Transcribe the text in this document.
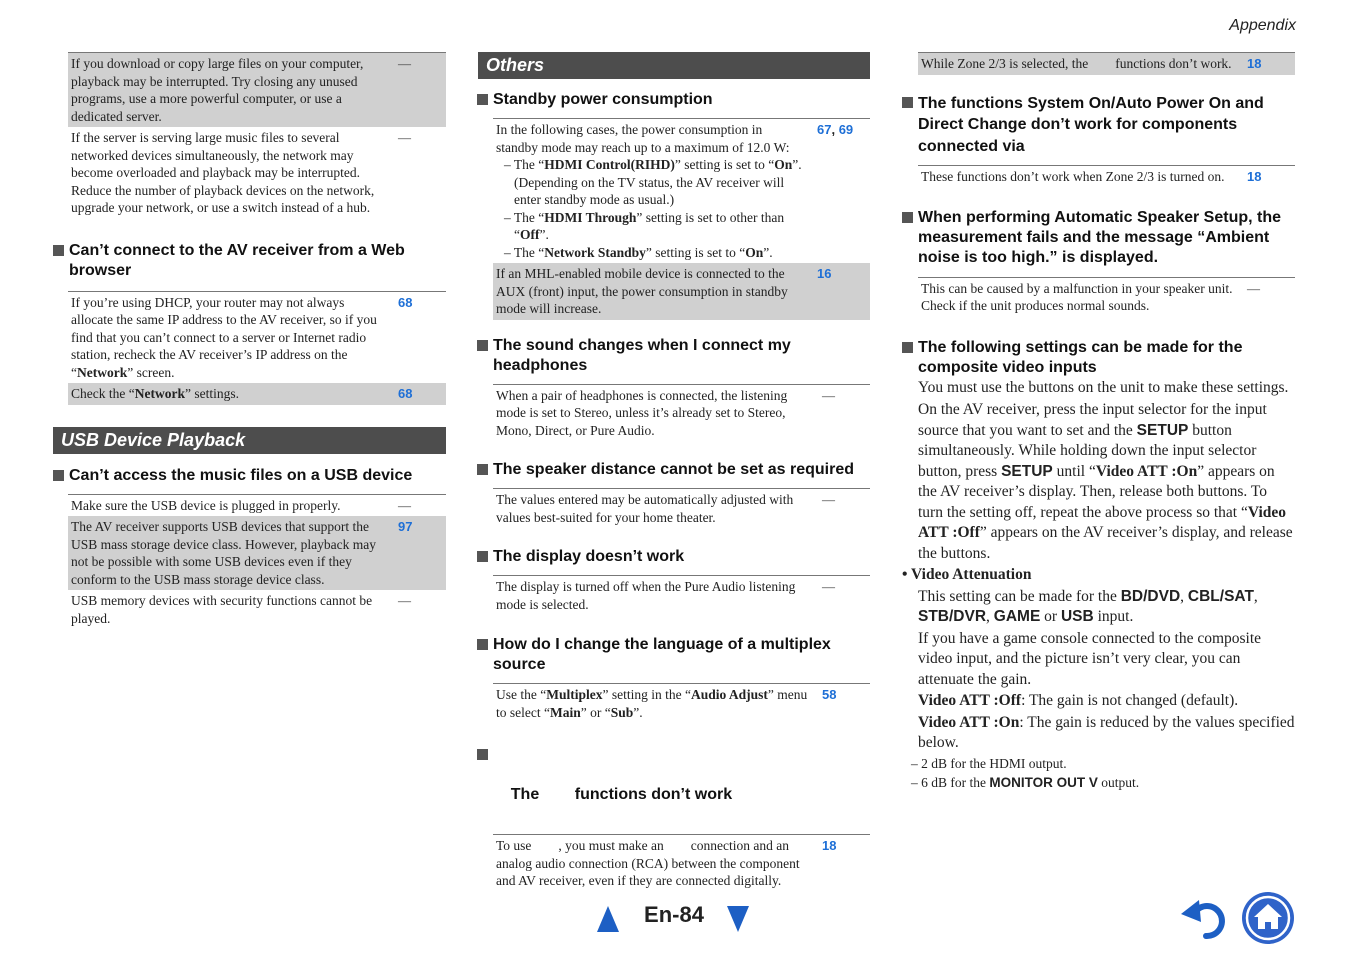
Appendix
If you download or copy large files on your computer, playback may be interrupted. Try closing any unused programs, use a more powerful computer, or use a dedicated server.	—
If the server is serving large music files to several networked devices simultaneously, the network may become overloaded and playback may be interrupted. Reduce the number of playback devices on the network, upgrade your network, or use a switch instead of a hub.	—
Can’t connect to the AV receiver from a Web browser
If you’re using DHCP, your router may not always allocate the same IP address to the AV receiver, so if you find that you can’t connect to a server or Internet radio station, recheck the AV receiver’s IP address on the “Network” screen.	68
Check the “Network” settings.	68
USB Device Playback
Can’t access the music files on a USB device
Make sure the USB device is plugged in properly.	—
The AV receiver supports USB devices that support the USB mass storage device class. However, playback may not be possible with some USB devices even if they conform to the USB mass storage device class.	97
USB memory devices with security functions cannot be played.	—
Others
Standby power consumption
In the following cases, the power consumption in standby mode may reach up to a maximum of 12.0 W:
– The “HDMI Control(RIHD)” setting is set to “On”. (Depending on the TV status, the AV receiver will enter standby mode as usual.)
– The “HDMI Through” setting is set to other than “Off”.
– The “Network Standby” setting is set to “On”.	67, 69
If an MHL-enabled mobile device is connected to the AUX (front) input, the power consumption in standby mode will increase.	16
The sound changes when I connect my headphones
When a pair of headphones is connected, the listening mode is set to Stereo, unless it’s already set to Stereo, Mono, Direct, or Pure Audio.	—
The speaker distance cannot be set as required
The values entered may be automatically adjusted with values best-suited for your home theater.	—
The display doesn’t work
The display is turned off when the Pure Audio listening mode is selected.	—
How do I change the language of a multiplex source
Use the “Multiplex” setting in the “Audio Adjust” menu to select “Main” or “Sub”.	58

The        functions don’t work

To use        , you must make an        connection and an analog audio connection (RCA) between the component and AV receiver, even if they are connected digitally.	18
While Zone 2/3 is selected, the        functions don’t work.	18
The functions System On/Auto Power On and Direct Change don’t work for components connected via
These functions don’t work when Zone 2/3 is turned on.	18
When performing Automatic Speaker Setup, the measurement fails and the message “Ambient noise is too high.” is displayed.
This can be caused by a malfunction in your speaker unit. Check if the unit produces normal sounds.	—
The following settings can be made for the composite video inputs
You must use the buttons on the unit to make these settings.
On the AV receiver, press the input selector for the input source that you want to set and the SETUP button simultaneously. While holding down the input selector button, press SETUP until “Video ATT :On” appears on the AV receiver’s display. Then, release both buttons. To turn the setting off, repeat the above process so that “Video ATT :Off” appears on the AV receiver’s display, and release the buttons.
• Video Attenuation
This setting can be made for the BD/DVD, CBL/SAT, STB/DVR, GAME or USB input.
If you have a game console connected to the composite video input, and the picture isn’t very clear, you can attenuate the gain.
Video ATT :Off: The gain is not changed (default).
Video ATT :On: The gain is reduced by the values specified below.
– 2 dB for the HDMI output.
– 6 dB for the MONITOR OUT V output.
En-84
